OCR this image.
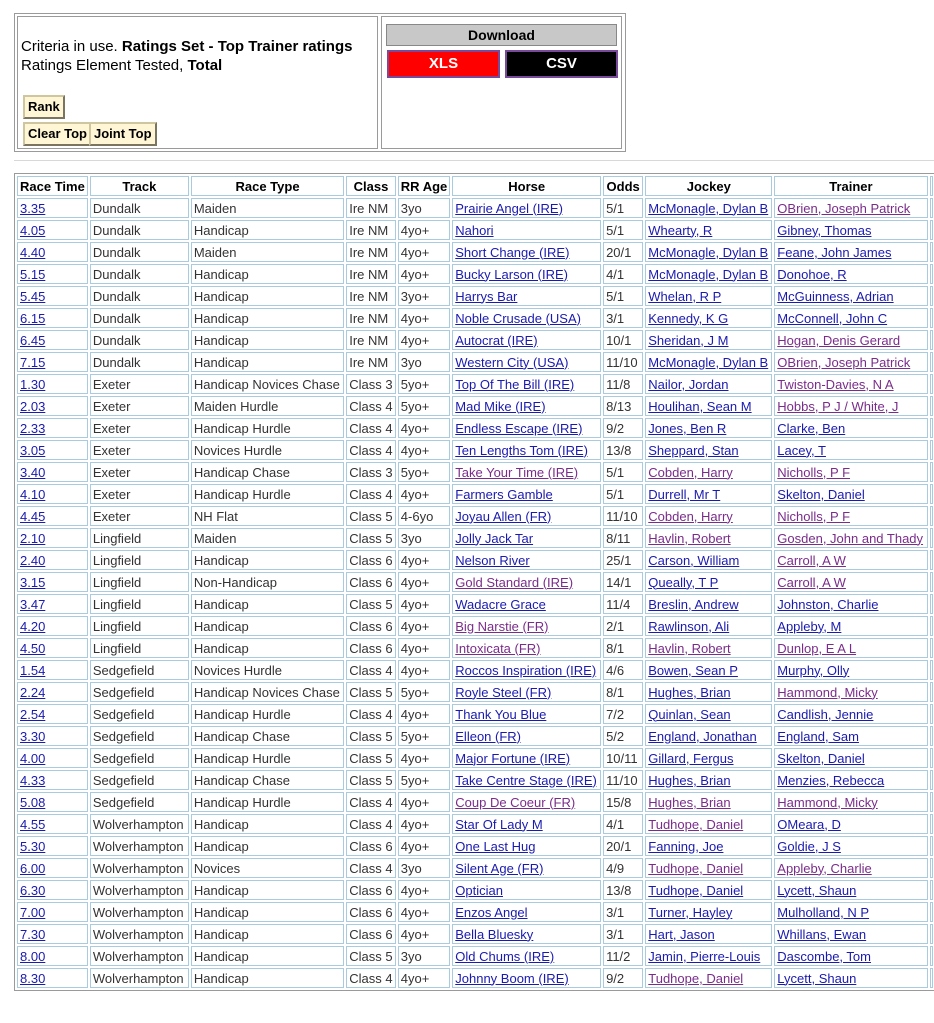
Criteria in use. Ratings Set - Top Trainer ratings
Ratings Element Tested, Total
Rank
Clear Top Joint Top
Download
XLS	CSV
Race Time	Track	Race Type	Class	RR Age	Horse	Odds	Jockey	Trainer	
3.35	Dundalk	Maiden	Ire NM	3yo	Prairie Angel (IRE)	5/1	McMonagle, Dylan B	OBrien, Joseph Patrick	
4.05	Dundalk	Handicap	Ire NM	4yo+	Nahori	5/1	Whearty, R	Gibney, Thomas	
4.40	Dundalk	Maiden	Ire NM	4yo+	Short Change (IRE)	20/1	McMonagle, Dylan B	Feane, John James	
5.15	Dundalk	Handicap	Ire NM	4yo+	Bucky Larson (IRE)	4/1	McMonagle, Dylan B	Donohoe, R	
5.45	Dundalk	Handicap	Ire NM	3yo+	Harrys Bar	5/1	Whelan, R P	McGuinness, Adrian	
6.15	Dundalk	Handicap	Ire NM	4yo+	Noble Crusade (USA)	3/1	Kennedy, K G	McConnell, John C	
6.45	Dundalk	Handicap	Ire NM	4yo+	Autocrat (IRE)	10/1	Sheridan, J M	Hogan, Denis Gerard	
7.15	Dundalk	Handicap	Ire NM	3yo	Western City (USA)	11/10	McMonagle, Dylan B	OBrien, Joseph Patrick	
1.30	Exeter	Handicap Novices Chase	Class 3	5yo+	Top Of The Bill (IRE)	11/8	Nailor, Jordan	Twiston-Davies, N A	
2.03	Exeter	Maiden Hurdle	Class 4	5yo+	Mad Mike (IRE)	8/13	Houlihan, Sean M	Hobbs, P J / White, J	
2.33	Exeter	Handicap Hurdle	Class 4	4yo+	Endless Escape (IRE)	9/2	Jones, Ben R	Clarke, Ben	
3.05	Exeter	Novices Hurdle	Class 4	4yo+	Ten Lengths Tom (IRE)	13/8	Sheppard, Stan	Lacey, T	
3.40	Exeter	Handicap Chase	Class 3	5yo+	Take Your Time (IRE)	5/1	Cobden, Harry	Nicholls, P F	
4.10	Exeter	Handicap Hurdle	Class 4	4yo+	Farmers Gamble	5/1	Durrell, Mr T	Skelton, Daniel	
4.45	Exeter	NH Flat	Class 5	4-6yo	Joyau Allen (FR)	11/10	Cobden, Harry	Nicholls, P F	
2.10	Lingfield	Maiden	Class 5	3yo	Jolly Jack Tar	8/11	Havlin, Robert	Gosden, John and Thady	
2.40	Lingfield	Handicap	Class 6	4yo+	Nelson River	25/1	Carson, William	Carroll, A W	
3.15	Lingfield	Non-Handicap	Class 6	4yo+	Gold Standard (IRE)	14/1	Queally, T P	Carroll, A W	
3.47	Lingfield	Handicap	Class 5	4yo+	Wadacre Grace	11/4	Breslin, Andrew	Johnston, Charlie	
4.20	Lingfield	Handicap	Class 6	4yo+	Big Narstie (FR)	2/1	Rawlinson, Ali	Appleby, M	
4.50	Lingfield	Handicap	Class 6	4yo+	Intoxicata (FR)	8/1	Havlin, Robert	Dunlop, E A L	
1.54	Sedgefield	Novices Hurdle	Class 4	4yo+	Roccos Inspiration (IRE)	4/6	Bowen, Sean P	Murphy, Olly	
2.24	Sedgefield	Handicap Novices Chase	Class 5	5yo+	Royle Steel (FR)	8/1	Hughes, Brian	Hammond, Micky	
2.54	Sedgefield	Handicap Hurdle	Class 4	4yo+	Thank You Blue	7/2	Quinlan, Sean	Candlish, Jennie	
3.30	Sedgefield	Handicap Chase	Class 5	5yo+	Elleon (FR)	5/2	England, Jonathan	England, Sam	
4.00	Sedgefield	Handicap Hurdle	Class 5	4yo+	Major Fortune (IRE)	10/11	Gillard, Fergus	Skelton, Daniel	
4.33	Sedgefield	Handicap Chase	Class 5	5yo+	Take Centre Stage (IRE)	11/10	Hughes, Brian	Menzies, Rebecca	
5.08	Sedgefield	Handicap Hurdle	Class 4	4yo+	Coup De Coeur (FR)	15/8	Hughes, Brian	Hammond, Micky	
4.55	Wolverhampton	Handicap	Class 4	4yo+	Star Of Lady M	4/1	Tudhope, Daniel	OMeara, D	
5.30	Wolverhampton	Handicap	Class 6	4yo+	One Last Hug	20/1	Fanning, Joe	Goldie, J S	
6.00	Wolverhampton	Novices	Class 4	3yo	Silent Age (FR)	4/9	Tudhope, Daniel	Appleby, Charlie	
6.30	Wolverhampton	Handicap	Class 6	4yo+	Optician	13/8	Tudhope, Daniel	Lycett, Shaun	
7.00	Wolverhampton	Handicap	Class 6	4yo+	Enzos Angel	3/1	Turner, Hayley	Mulholland, N P	
7.30	Wolverhampton	Handicap	Class 6	4yo+	Bella Bluesky	3/1	Hart, Jason	Whillans, Ewan	
8.00	Wolverhampton	Handicap	Class 5	3yo	Old Chums (IRE)	11/2	Jamin, Pierre-Louis	Dascombe, Tom	
8.30	Wolverhampton	Handicap	Class 4	4yo+	Johnny Boom (IRE)	9/2	Tudhope, Daniel	Lycett, Shaun	
